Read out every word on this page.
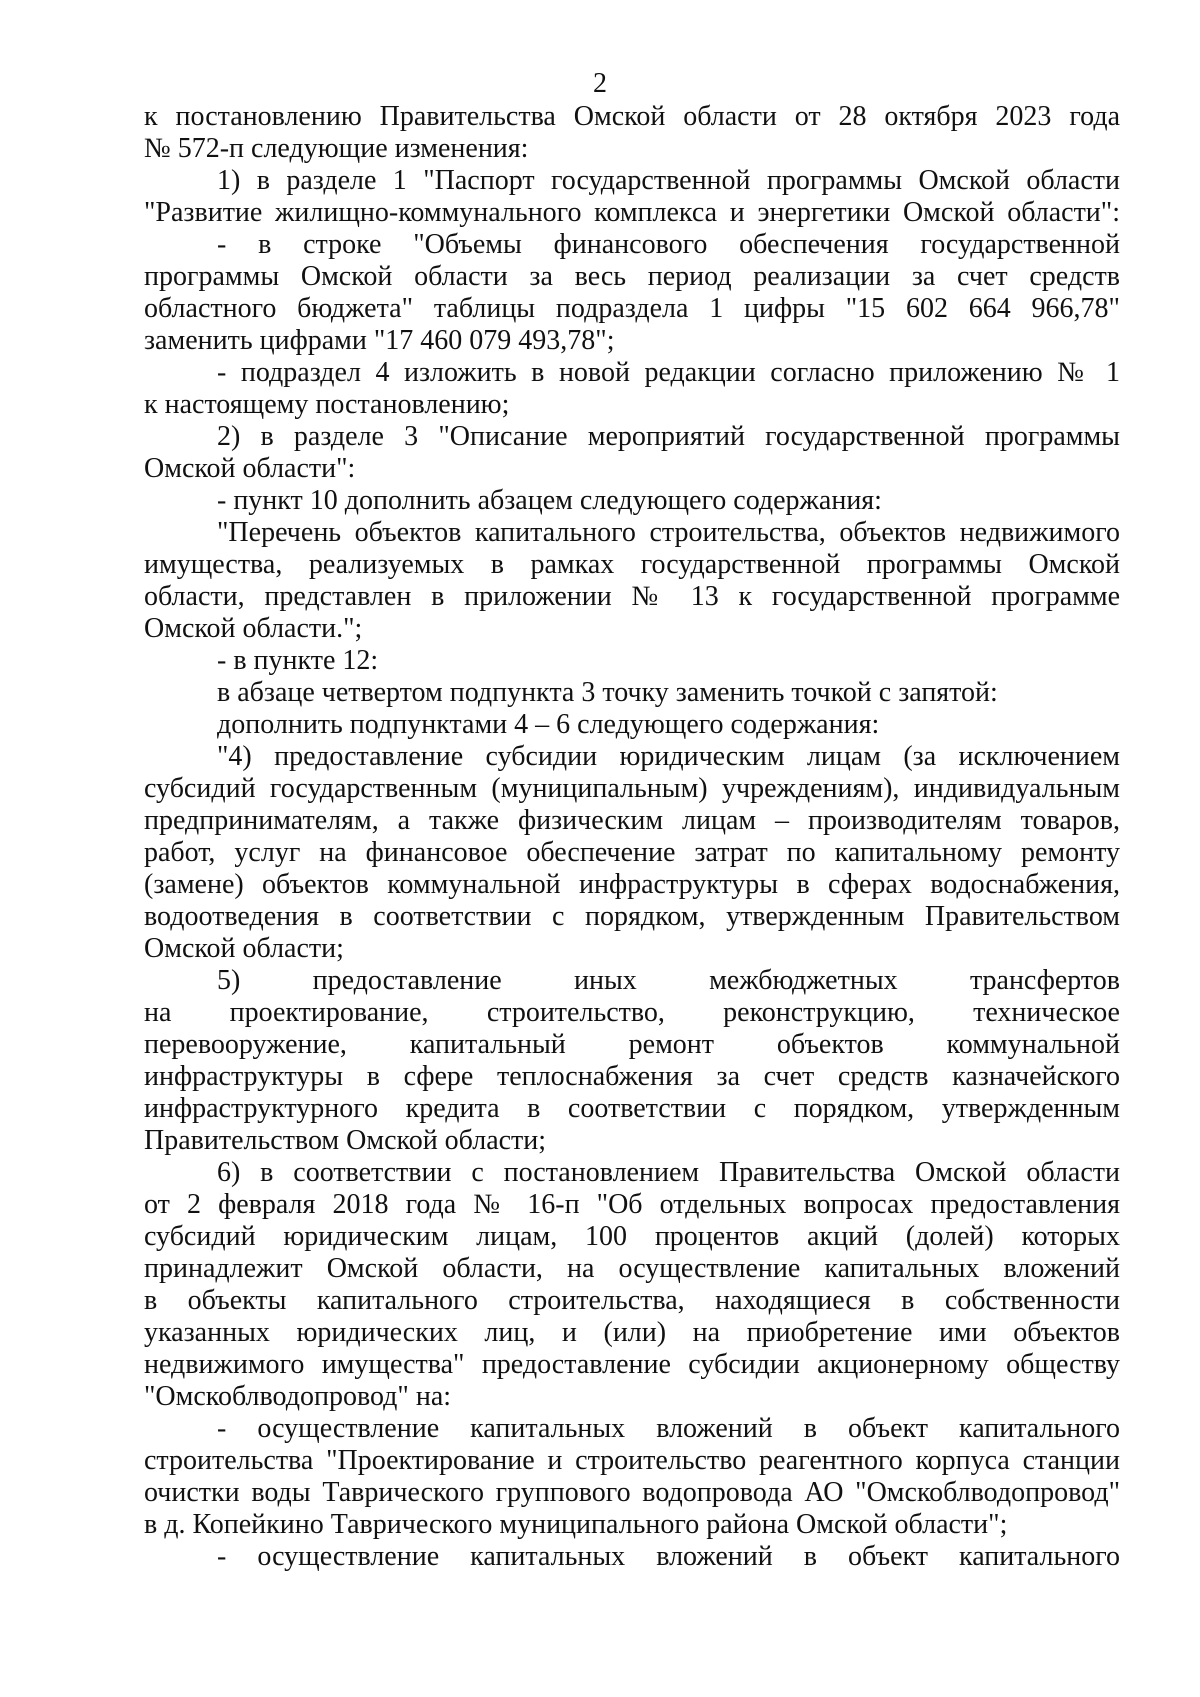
2
к постановлению Правительства Омской области от 28 октября 2023 года
№ 572-п следующие изменения:
1) в разделе 1 "Паспорт государственной программы Омской области
"Развитие жилищно-коммунального комплекса и энергетики Омской области":
- в строке "Объемы финансового обеспечения государственной
программы Омской области за весь период реализации за счет средств
областного бюджета" таблицы подраздела 1 цифры "15 602 664 966,78"
заменить цифрами "17 460 079 493,78";
- подраздел 4 изложить в новой редакции согласно приложению № 1
к настоящему постановлению;
2) в разделе 3 "Описание мероприятий государственной программы
Омской области":
- пункт 10 дополнить абзацем следующего содержания:
"Перечень объектов капитального строительства, объектов недвижимого
имущества, реализуемых в рамках государственной программы Омской
области, представлен в приложении № 13 к государственной программе
Омской области.";
- в пункте 12:
в абзаце четвертом подпункта 3 точку заменить точкой с запятой:
дополнить подпунктами 4 – 6 следующего содержания:
"4) предоставление субсидии юридическим лицам (за исключением
субсидий государственным (муниципальным) учреждениям), индивидуальным
предпринимателям, а также физическим лицам – производителям товаров,
работ, услуг на финансовое обеспечение затрат по капитальному ремонту
(замене) объектов коммунальной инфраструктуры в сферах водоснабжения,
водоотведения в соответствии с порядком, утвержденным Правительством
Омской области;
5) предоставление иных межбюджетных трансфертов
на проектирование, строительство, реконструкцию, техническое
перевооружение, капитальный ремонт объектов коммунальной
инфраструктуры в сфере теплоснабжения за счет средств казначейского
инфраструктурного кредита в соответствии с порядком, утвержденным
Правительством Омской области;
6) в соответствии с постановлением Правительства Омской области
от 2 февраля 2018 года № 16-п "Об отдельных вопросах предоставления
субсидий юридическим лицам, 100 процентов акций (долей) которых
принадлежит Омской области, на осуществление капитальных вложений
в объекты капитального строительства, находящиеся в собственности
указанных юридических лиц, и (или) на приобретение ими объектов
недвижимого имущества" предоставление субсидии акционерному обществу
"Омскоблводопровод" на:
- осуществление капитальных вложений в объект капитального
строительства "Проектирование и строительство реагентного корпуса станции
очистки воды Таврического группового водопровода АО "Омскоблводопровод"
в д. Копейкино Таврического муниципального района Омской области";
- осуществление капитальных вложений в объект капитального
